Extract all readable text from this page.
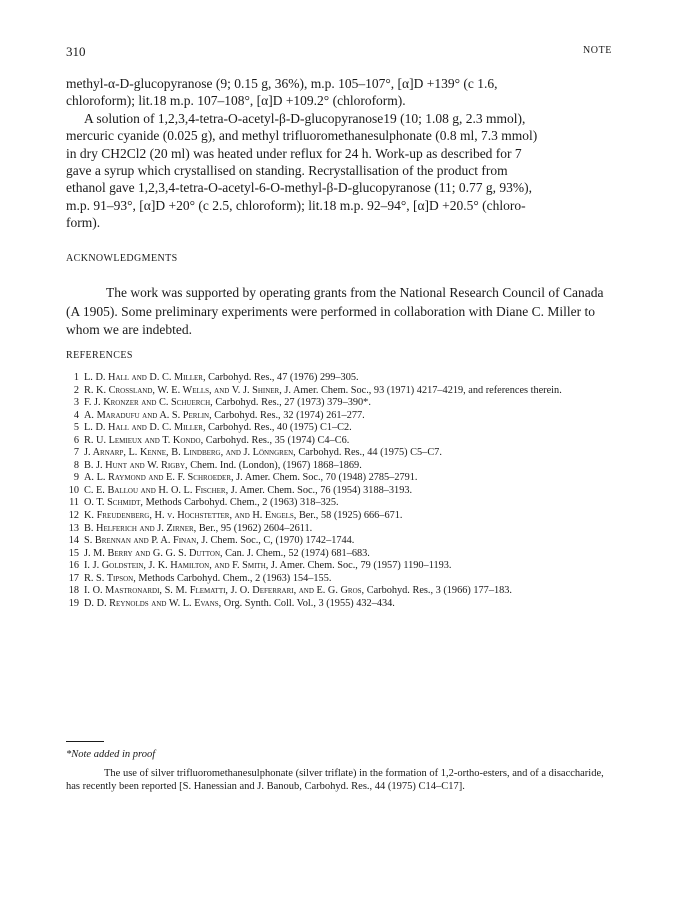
310	NOTE

methyl-α-D-glucopyranose (9; 0.15 g, 36%), m.p. 105–107°, [α]D +139° (c 1.6,

chloroform); lit.18 m.p. 107–108°, [α]D +109.2° (chloroform).

A solution of 1,2,3,4-tetra-O-acetyl-β-D-glucopyranose19 (10; 1.08 g, 2.3 mmol),

mercuric cyanide (0.025 g), and methyl trifluoromethanesulphonate (0.8 ml, 7.3 mmol)

in dry CH2Cl2 (20 ml) was heated under reflux for 24 h. Work-up as described for 7

gave a syrup which crystallised on standing. Recrystallisation of the product from

ethanol gave 1,2,3,4-tetra-O-acetyl-6-O-methyl-β-D-glucopyranose (11; 0.77 g, 93%),

m.p. 91–93°, [α]D +20° (c 2.5, chloroform); lit.18 m.p. 92–94°, [α]D +20.5° (chloro-

form).

ACKNOWLEDGMENTS

The work was supported by operating grants from the National Research Council of Canada (A 1905). Some preliminary experiments were performed in collaboration with Diane C. Miller to whom we are indebted.

REFERENCES
1 L. D. Hall and D. C. Miller, Carbohyd. Res., 47 (1976) 299–305.
2 R. K. Crossland, W. E. Wells, and V. J. Shiner, J. Amer. Chem. Soc., 93 (1971) 4217–4219, and references therein.
3 F. J. Kronzer and C. Schuerch, Carbohyd. Res., 27 (1973) 379–390*.
4 A. Maradufu and A. S. Perlin, Carbohyd. Res., 32 (1974) 261–277.
5 L. D. Hall and D. C. Miller, Carbohyd. Res., 40 (1975) C1–C2.
6 R. U. Lemieux and T. Kondo, Carbohyd. Res., 35 (1974) C4–C6.
7 J. Arnarp, L. Kenne, B. Lindberg, and J. Lönngren, Carbohyd. Res., 44 (1975) C5–C7.
8 B. J. Hunt and W. Rigby, Chem. Ind. (London), (1967) 1868–1869.
9 A. L. Raymond and E. F. Schroeder, J. Amer. Chem. Soc., 70 (1948) 2785–2791.
10 C. E. Ballou and H. O. L. Fischer, J. Amer. Chem. Soc., 76 (1954) 3188–3193.
11 O. T. Schmidt, Methods Carbohyd. Chem., 2 (1963) 318–325.
12 K. Freudenberg, H. v. Hochstetter, and H. Engels, Ber., 58 (1925) 666–671.
13 B. Helferich and J. Zirner, Ber., 95 (1962) 2604–2611.
14 S. Brennan and P. A. Finan, J. Chem. Soc., C, (1970) 1742–1744.
15 J. M. Berry and G. G. S. Dutton, Can. J. Chem., 52 (1974) 681–683.
16 I. J. Goldstein, J. K. Hamilton, and F. Smith, J. Amer. Chem. Soc., 79 (1957) 1190–1193.
17 R. S. Tipson, Methods Carbohyd. Chem., 2 (1963) 154–155.
18 I. O. Mastronardi, S. M. Flematti, J. O. Deferrari, and E. G. Gros, Carbohyd. Res., 3 (1966) 177–183.
19 D. D. Reynolds and W. L. Evans, Org. Synth. Coll. Vol., 3 (1955) 432–434.

*Note added in proof

The use of silver trifluoromethanesulphonate (silver triflate) in the formation of 1,2-ortho-esters, and of a disaccharide, has recently been reported [S. Hanessian and J. Banoub, Carbohyd. Res., 44 (1975) C14–C17].
